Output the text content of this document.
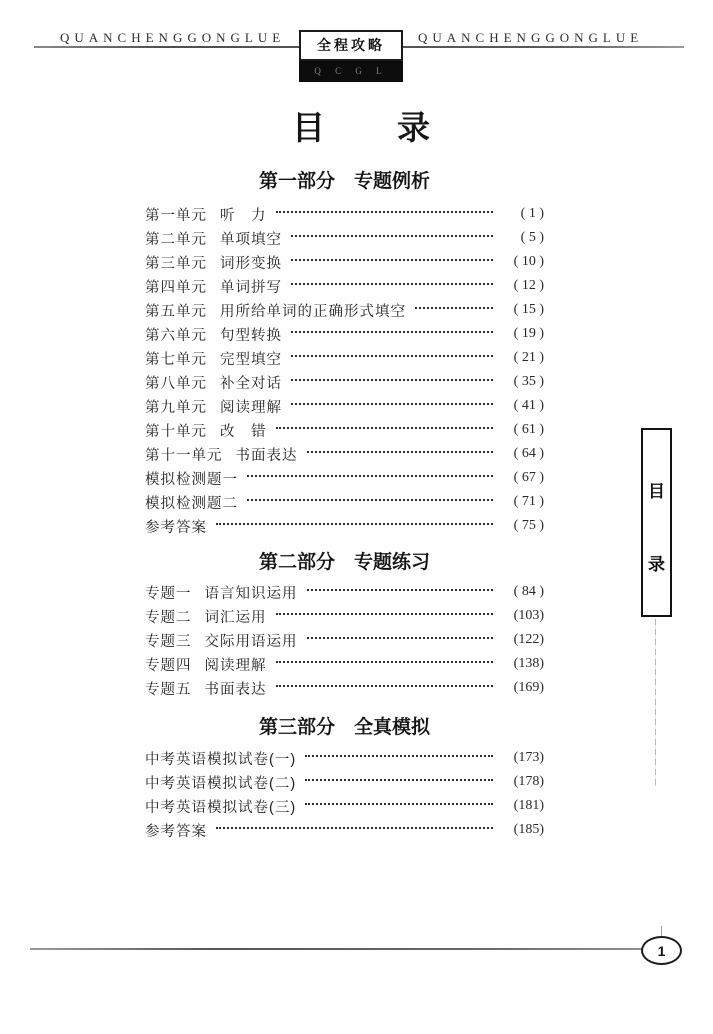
QUANCHENGGONGLUE	QUANCHENGGONGLUE
全程攻略
Q C G L
目　　录
第一部分　专题例析
第一单元 听　力	( 1 )
第二单元 单项填空	( 5 )
第三单元 词形变换	( 10 )
第四单元 单词拼写	( 12 )
第五单元 用所给单词的正确形式填空	( 15 )
第六单元 句型转换	( 19 )
第七单元 完型填空	( 21 )
第八单元 补全对话	( 35 )
第九单元 阅读理解	( 41 )
第十单元 改　错	( 61 )
第十一单元 书面表达	( 64 )
模拟检测题一	( 67 )
模拟检测题二	( 71 )
参考答案	( 75 )
第二部分　专题练习
专题一 语言知识运用	( 84 )
专题二 词汇运用	(103)
专题三 交际用语运用	(122)
专题四 阅读理解	(138)
专题五 书面表达	(169)
第三部分　全真模拟
中考英语模拟试卷(一)	(173)
中考英语模拟试卷(二)	(178)
中考英语模拟试卷(三)	(181)
参考答案	(185)
目
录
1
